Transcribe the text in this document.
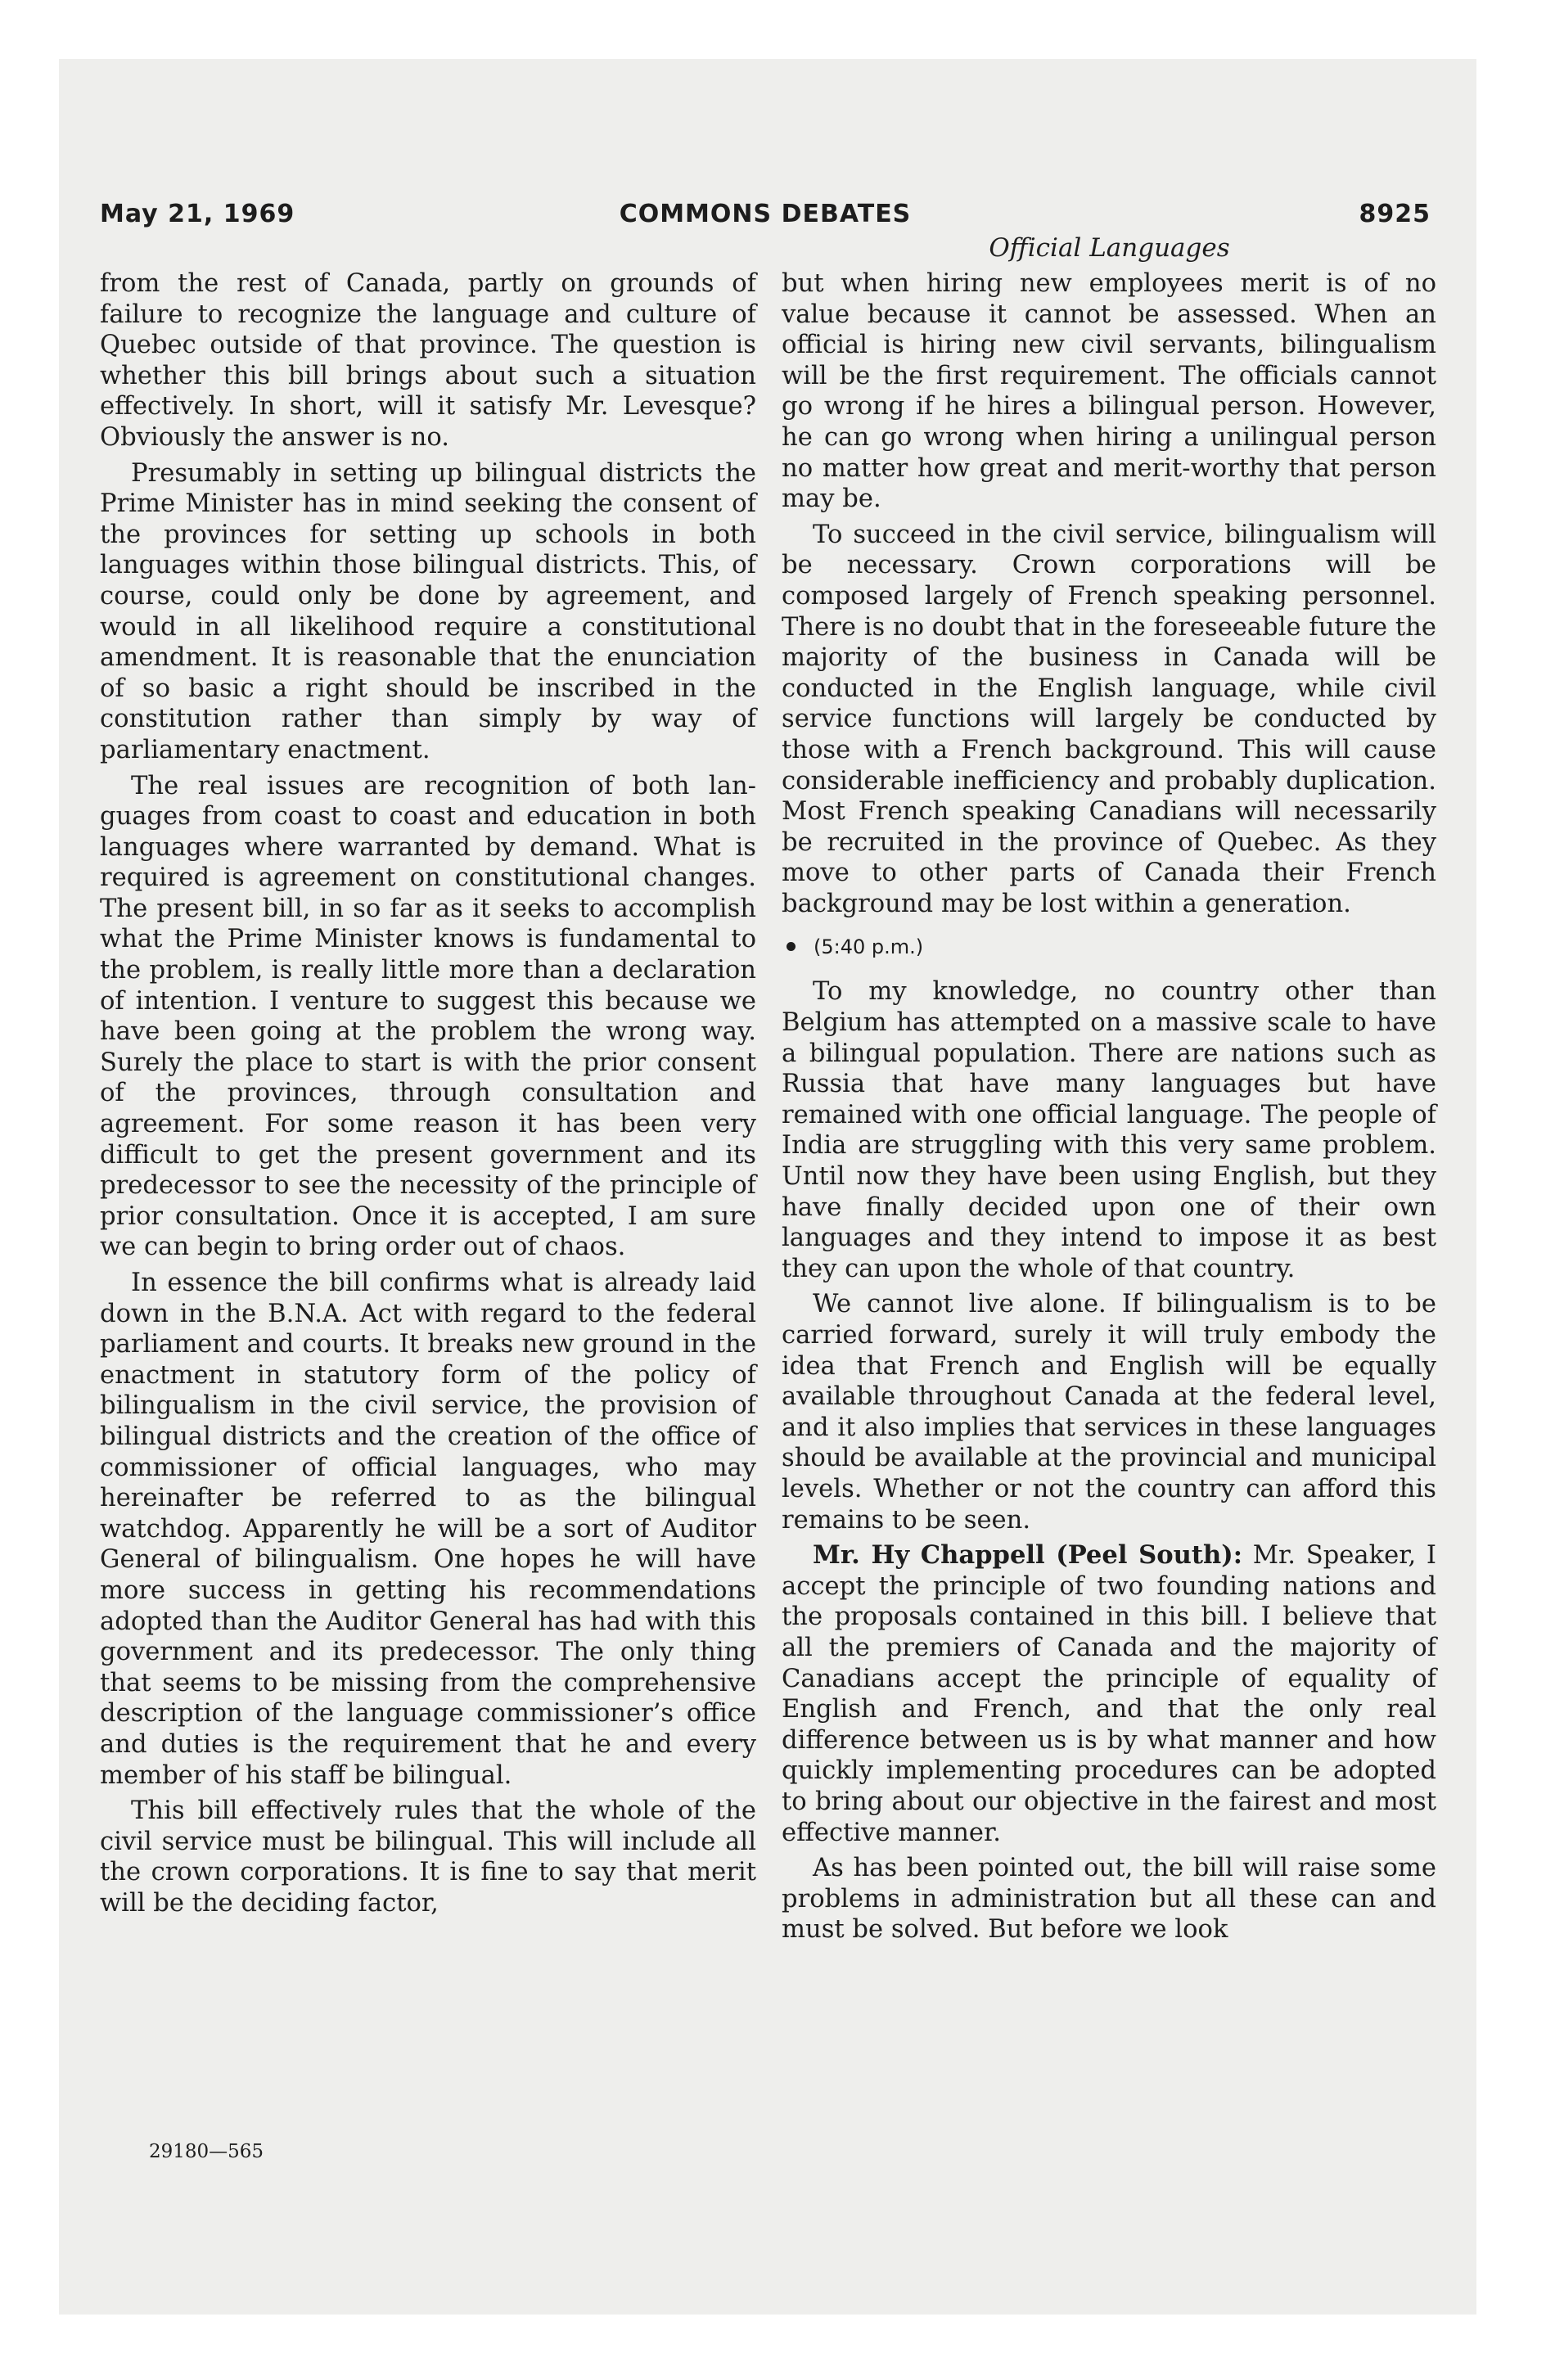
May 21, 1969	COMMONS DEBATES	8925
Official Languages

from the rest of Canada, partly on grounds of failure to recognize the language and culture of Quebec outside of that province. The question is whether this bill brings about such a situation effectively. In short, will it satisfy Mr. Levesque? Obviously the answer is no.

Presumably in setting up bilingual districts the Prime Minister has in mind seeking the consent of the provinces for setting up schools in both languages within those bilingual districts. This, of course, could only be done by agreement, and would in all likelihood require a constitutional amendment. It is reasonable that the enunciation of so basic a right should be inscribed in the constitution rather than simply by way of parliamentary enactment.

The real issues are recognition of both languages from coast to coast and education in both languages where warranted by demand. What is required is agreement on constitutional changes. The present bill, in so far as it seeks to accomplish what the Prime Minister knows is fundamental to the problem, is really little more than a declaration of intention. I venture to suggest this because we have been going at the problem the wrong way. Surely the place to start is with the prior consent of the provinces, through consultation and agreement. For some reason it has been very difficult to get the present government and its predecessor to see the necessity of the principle of prior consultation. Once it is accepted, I am sure we can begin to bring order out of chaos.

In essence the bill confirms what is already laid down in the B.N.A. Act with regard to the federal parliament and courts. It breaks new ground in the enactment in statutory form of the policy of bilingualism in the civil service, the provision of bilingual districts and the creation of the office of commissioner of official languages, who may hereinafter be referred to as the bilingual watchdog. Apparently he will be a sort of Auditor General of bilingualism. One hopes he will have more success in getting his recommendations adopted than the Auditor General has had with this government and its predecessor. The only thing that seems to be missing from the comprehensive description of the language commissioner’s office and duties is the requirement that he and every member of his staff be bilingual.

This bill effectively rules that the whole of the civil service must be bilingual. This will include all the crown corporations. It is fine to say that merit will be the deciding factor,

but when hiring new employees merit is of no value because it cannot be assessed. When an official is hiring new civil servants, bilingualism will be the first requirement. The officials cannot go wrong if he hires a bilingual person. However, he can go wrong when hiring a unilingual person no matter how great and merit-worthy that person may be.

To succeed in the civil service, bilingualism will be necessary. Crown corporations will be composed largely of French speaking personnel. There is no doubt that in the foreseeable future the majority of the business in Canada will be conducted in the English language, while civil service functions will largely be conducted by those with a French background. This will cause considerable inefficiency and probably duplication. Most French speaking Canadians will necessarily be recruited in the province of Quebec. As they move to other parts of Canada their French background may be lost within a generation.

(5:40 p.m.)

To my knowledge, no country other than Belgium has attempted on a massive scale to have a bilingual population. There are nations such as Russia that have many languages but have remained with one official language. The people of India are struggling with this very same problem. Until now they have been using English, but they have finally decided upon one of their own languages and they intend to impose it as best they can upon the whole of that country.

We cannot live alone. If bilingualism is to be carried forward, surely it will truly embody the idea that French and English will be equally available throughout Canada at the federal level, and it also implies that services in these languages should be available at the provincial and municipal levels. Whether or not the country can afford this remains to be seen.

Mr. Hy Chappell (Peel South): Mr. Speaker, I accept the principle of two founding nations and the proposals contained in this bill. I believe that all the premiers of Canada and the majority of Canadians accept the principle of equality of English and French, and that the only real difference between us is by what manner and how quickly implementing procedures can be adopted to bring about our objective in the fairest and most effective manner.

As has been pointed out, the bill will raise some problems in administration but all these can and must be solved. But before we look

29180—565
